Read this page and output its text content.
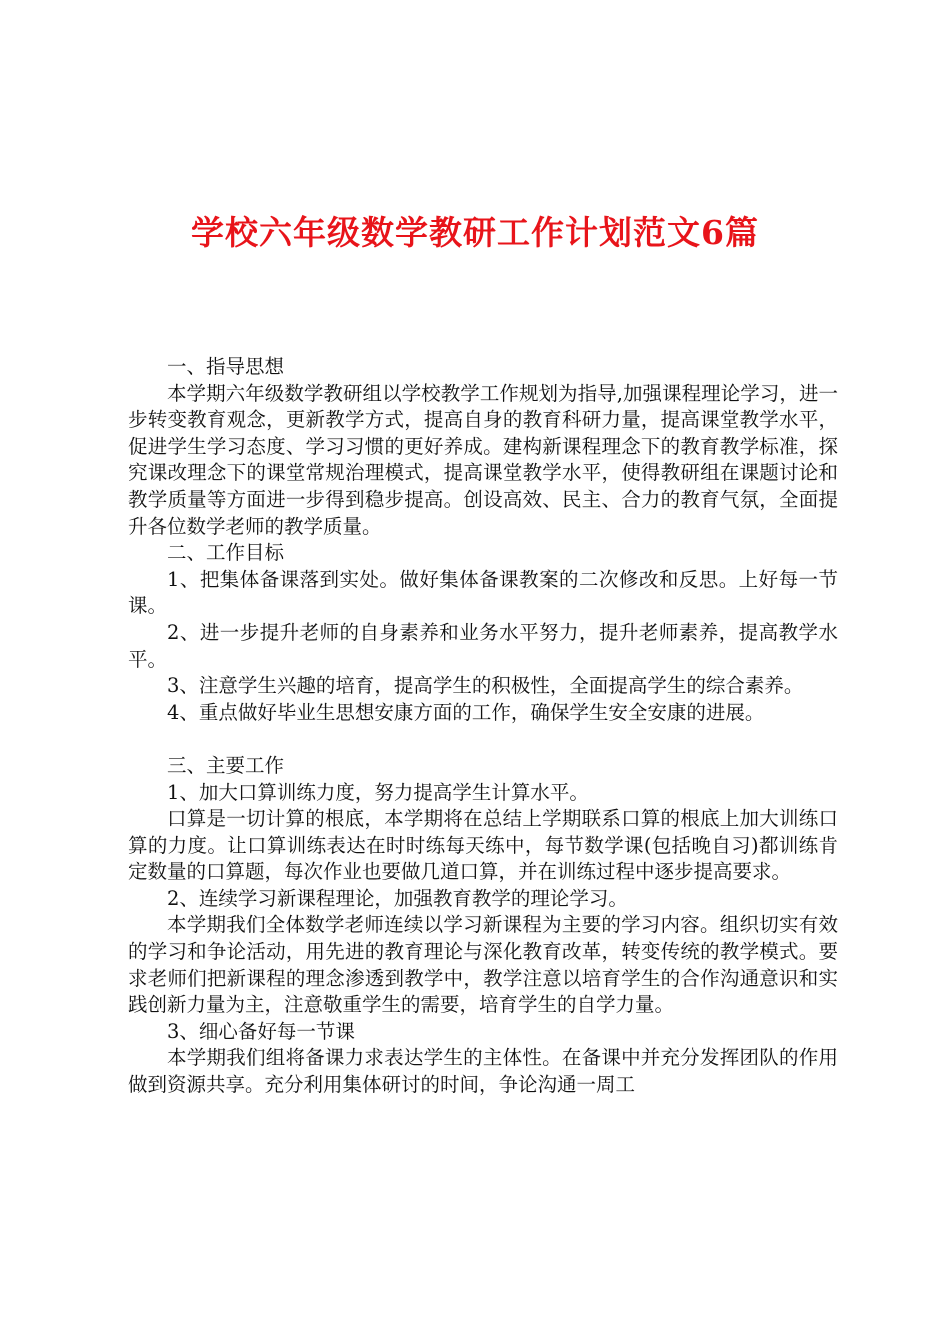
学校六年级数学教研工作计划范文6篇

一、指导思想

本学期六年级数学教研组以学校教学工作规划为指导,加强课程理论学习，进一步转变教育观念，更新教学方式，提高自身的教育科研力量，提高课堂教学水平，促进学生学习态度、学习习惯的更好养成。建构新课程理念下的教育教学标准，探究课改理念下的课堂常规治理模式，提高课堂教学水平，使得教研组在课题讨论和教学质量等方面进一步得到稳步提高。创设高效、民主、合力的教育气氛，全面提升各位数学老师的教学质量。

二、工作目标

1、把集体备课落到实处。做好集体备课教案的二次修改和反思。上好每一节课。

2、进一步提升老师的自身素养和业务水平努力，提升老师素养，提高教学水平。

3、注意学生兴趣的培育，提高学生的积极性，全面提高学生的综合素养。

4、重点做好毕业生思想安康方面的工作，确保学生安全安康的进展。

三、主要工作

1、加大口算训练力度，努力提高学生计算水平。

口算是一切计算的根底，本学期将在总结上学期联系口算的根底上加大训练口算的力度。让口算训练表达在时时练每天练中，每节数学课(包括晚自习)都训练肯定数量的口算题，每次作业也要做几道口算，并在训练过程中逐步提高要求。

2、连续学习新课程理论，加强教育教学的理论学习。

本学期我们全体数学老师连续以学习新课程为主要的学习内容。组织切实有效的学习和争论活动，用先进的教育理论与深化教育改革，转变传统的教学模式。要求老师们把新课程的理念渗透到教学中，教学注意以培育学生的合作沟通意识和实践创新力量为主，注意敬重学生的需要，培育学生的自学力量。

3、细心备好每一节课

本学期我们组将备课力求表达学生的主体性。在备课中并充分发挥团队的作用做到资源共享。充分利用集体研讨的时间，争论沟通一周工
